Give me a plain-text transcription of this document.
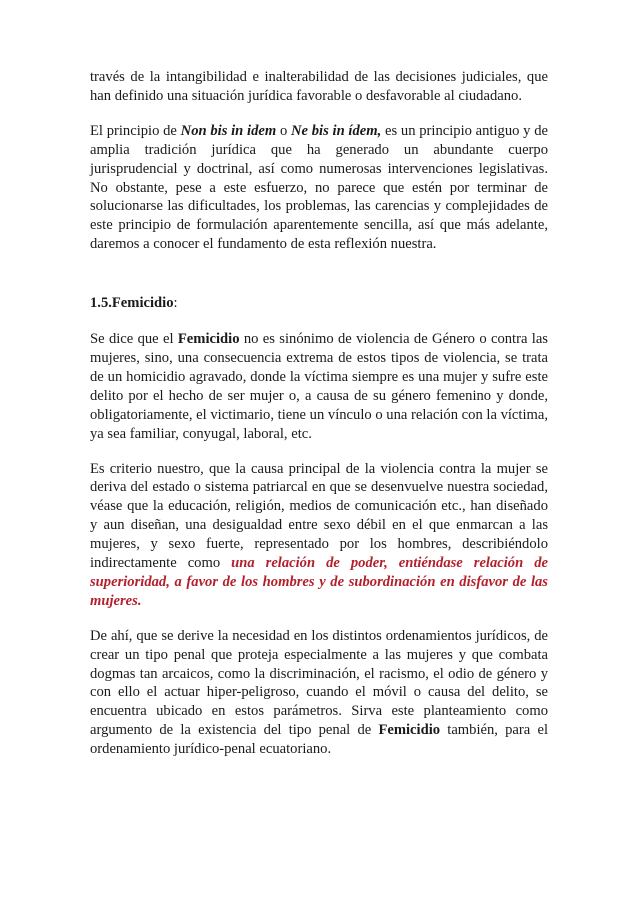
través de la intangibilidad e inalterabilidad de las decisiones judiciales, que han definido una situación jurídica favorable o desfavorable al ciudadano.

El principio de Non bis in idem o Ne bis in ídem, es un principio antiguo y de amplia tradición jurídica que ha generado un abundante cuerpo jurisprudencial y doctrinal, así como numerosas intervenciones legislativas. No obstante, pese a este esfuerzo, no parece que estén por terminar de solucionarse las dificultades, los problemas, las carencias y complejidades de este principio de formulación aparentemente sencilla, así que más adelante, daremos a conocer el fundamento de esta reflexión nuestra.

1.5.Femicidio:

Se dice que el Femicidio no es sinónimo de violencia de Género o contra las mujeres, sino, una consecuencia extrema de estos tipos de violencia, se trata de un homicidio agravado, donde la víctima siempre es una mujer y sufre este delito por el hecho de ser mujer o, a causa de su género femenino y donde, obligatoriamente, el victimario, tiene un vínculo o una relación con la víctima, ya sea familiar, conyugal, laboral, etc.

Es criterio nuestro, que la causa principal de la violencia contra la mujer se deriva del estado o sistema patriarcal en que se desenvuelve nuestra sociedad, véase que la educación, religión, medios de comunicación etc., han diseñado y aun diseñan, una desigualdad entre sexo débil en el que enmarcan a las mujeres, y sexo fuerte, representado por los hombres, describiéndolo indirectamente como una relación de poder, entiéndase relación de superioridad, a favor de los hombres y de subordinación en disfavor de las mujeres.

De ahí, que se derive la necesidad en los distintos ordenamientos jurídicos, de crear un tipo penal que proteja especialmente a las mujeres y que combata dogmas tan arcaicos, como la discriminación, el racismo, el odio de género y con ello el actuar hiper-peligroso, cuando el móvil o causa del delito, se encuentra ubicado en estos parámetros. Sirva este planteamiento como argumento de la existencia del tipo penal de Femicidio también, para el ordenamiento jurídico-penal ecuatoriano.
